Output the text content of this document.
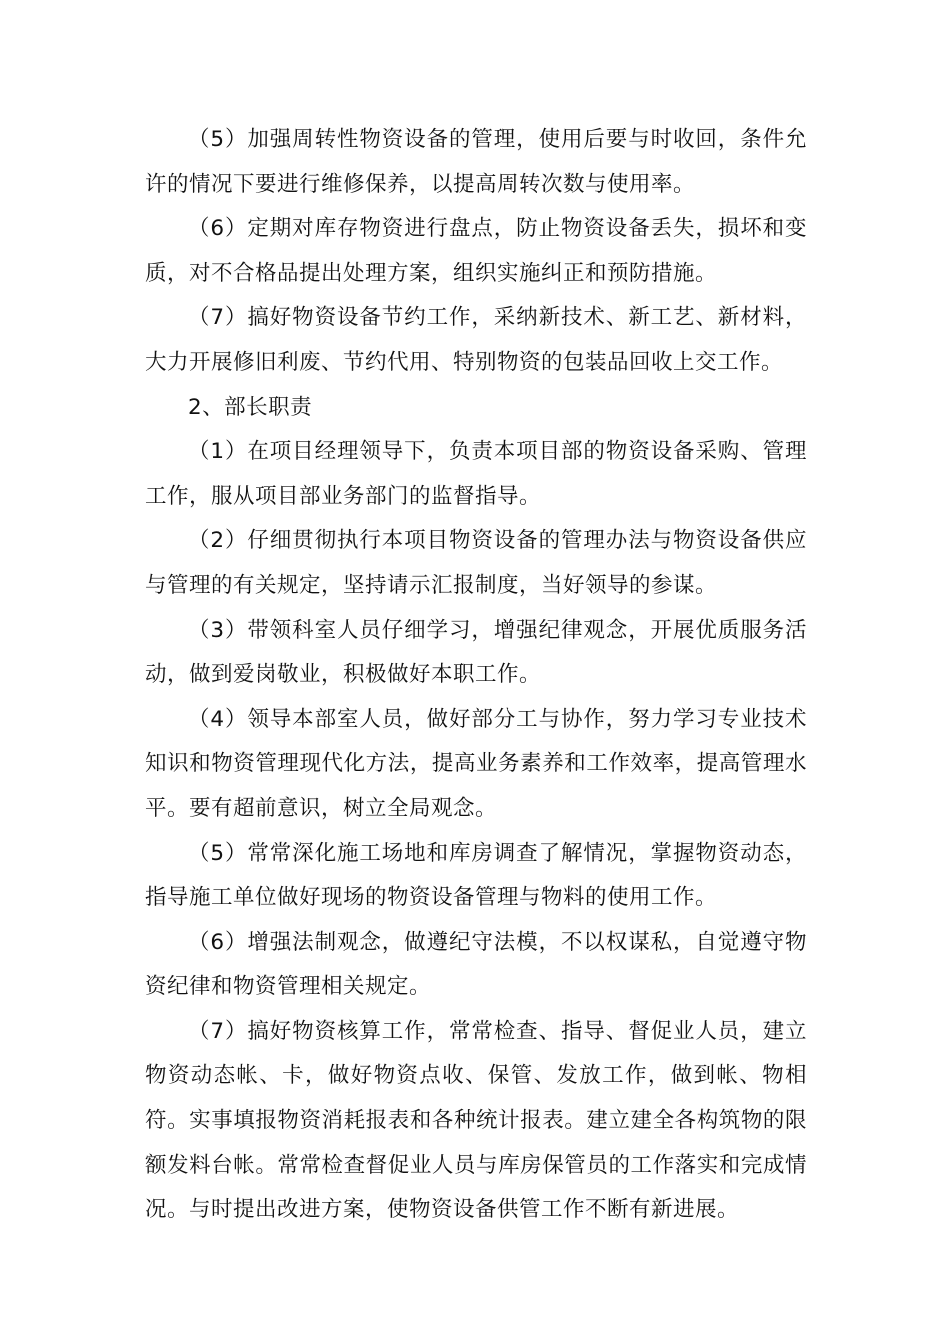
（5）加强周转性物资设备的管理，使用后要与时收回，条件允许的情况下要进行维修保养，以提高周转次数与使用率。

（6）定期对库存物资进行盘点，防止物资设备丢失，损坏和变质，对不合格品提出处理方案，组织实施纠正和预防措施。

（7）搞好物资设备节约工作，采纳新技术、新工艺、新材料，大力开展修旧利废、节约代用、特别物资的包装品回收上交工作。

2、部长职责

（1）在项目经理领导下，负责本项目部的物资设备采购、管理工作，服从项目部业务部门的监督指导。

（2）仔细贯彻执行本项目物资设备的管理办法与物资设备供应与管理的有关规定，坚持请示汇报制度，当好领导的参谋。

（3）带领科室人员仔细学习，增强纪律观念，开展优质服务活动，做到爱岗敬业，积极做好本职工作。

（4）领导本部室人员，做好部分工与协作，努力学习专业技术知识和物资管理现代化方法，提高业务素养和工作效率，提高管理水平。要有超前意识，树立全局观念。

（5）常常深化施工场地和库房调查了解情况，掌握物资动态，指导施工单位做好现场的物资设备管理与物料的使用工作。

（6）增强法制观念，做遵纪守法模，不以权谋私，自觉遵守物资纪律和物资管理相关规定。

（7）搞好物资核算工作，常常检查、指导、督促业人员，建立物资动态帐、卡，做好物资点收、保管、发放工作，做到帐、物相符。实事填报物资消耗报表和各种统计报表。建立建全各构筑物的限额发料台帐。常常检查督促业人员与库房保管员的工作落实和完成情况。与时提出改进方案，使物资设备供管工作不断有新进展。
